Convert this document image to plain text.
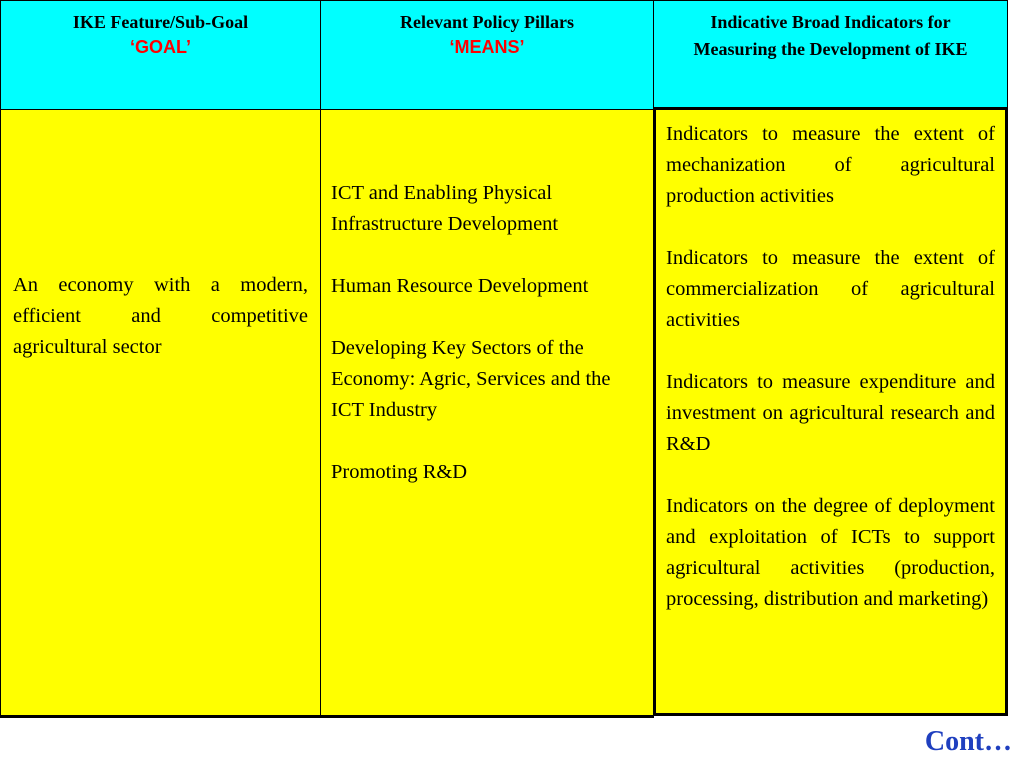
IKE Feature/Sub-Goal
‘GOAL’
Relevant Policy Pillars
‘MEANS’
Indicative Broad Indicators for Measuring the Development of IKE

An economy with a modern, efficient and competitive agricultural sector

ICT and Enabling Physical Infrastructure Development

Human Resource Development

Developing Key Sectors of the Economy: Agric, Services and the ICT Industry

Promoting R&D

Indicators to measure the extent of mechanization of agricultural production activities

Indicators to measure the extent of commercialization of agricultural activities

Indicators to measure expenditure and investment on agricultural research and R&D

Indicators on the degree of deployment and exploitation of ICTs to support agricultural activities (production, processing, distribution and marketing)

Cont…
